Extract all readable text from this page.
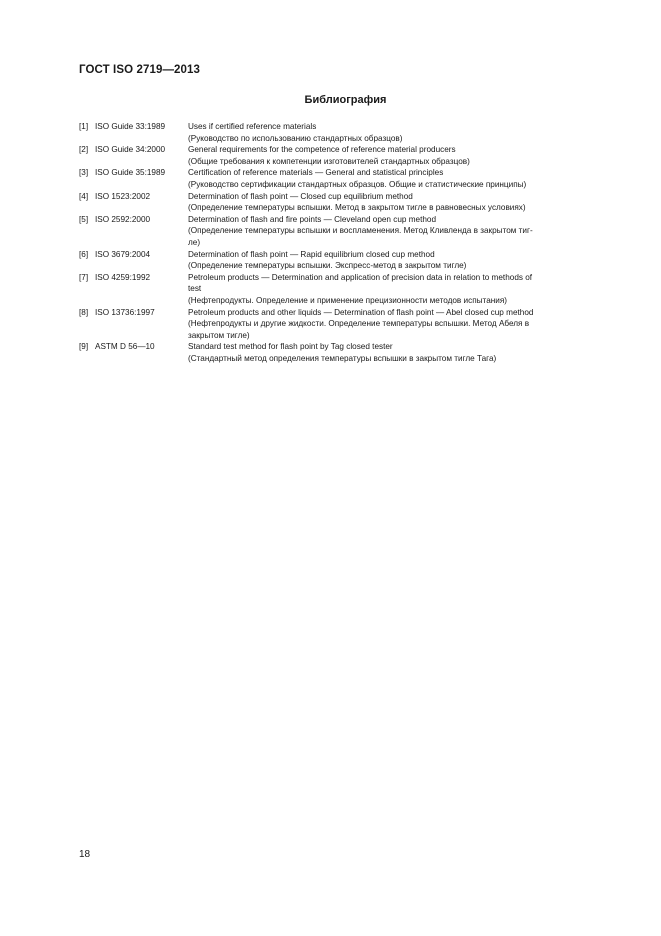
ГОСТ ISO 2719—2013
Библиография
[1] ISO Guide 33:1989	Uses if certified reference materials
(Руководство по использованию стандартных образцов)
[2] ISO Guide 34:2000	General requirements for the competence of reference material producers
(Общие требования к компетенции изготовителей стандартных образцов)
[3] ISO Guide 35:1989	Certification of reference materials — General and statistical principles
(Руководство сертификации стандартных образцов. Общие и статистические принципы)
[4] ISO 1523:2002	Determination of flash point — Closed cup equilibrium method
(Определение температуры вспышки. Метод в закрытом тигле в равновесных условиях)
[5] ISO 2592:2000	Determination of flash and fire points — Cleveland open cup method
(Определение температуры вспышки и воспламенения. Метод Кливленда в закрытом тиг-
ле)
[6] ISO 3679:2004	Determination of flash point — Rapid equilibrium closed cup method
(Определение температуры вспышки. Экспресс-метод в закрытом тигле)
[7] ISO 4259:1992	Petroleum products — Determination and application of precision data in relation to methods of
test
(Нефтепродукты. Определение и применение прецизионности методов испытания)
[8] ISO 13736:1997	Petroleum products and other liquids — Determination of flash point — Abel closed cup method
(Нефтепродукты и другие жидкости. Определение температуры вспышки. Метод Абеля в
закрытом тигле)
[9] ASTM D 56—10	Standard test method for flash point by Tag closed tester
(Стандартный метод определения температуры вспышки в закрытом тигле Тага)
18
